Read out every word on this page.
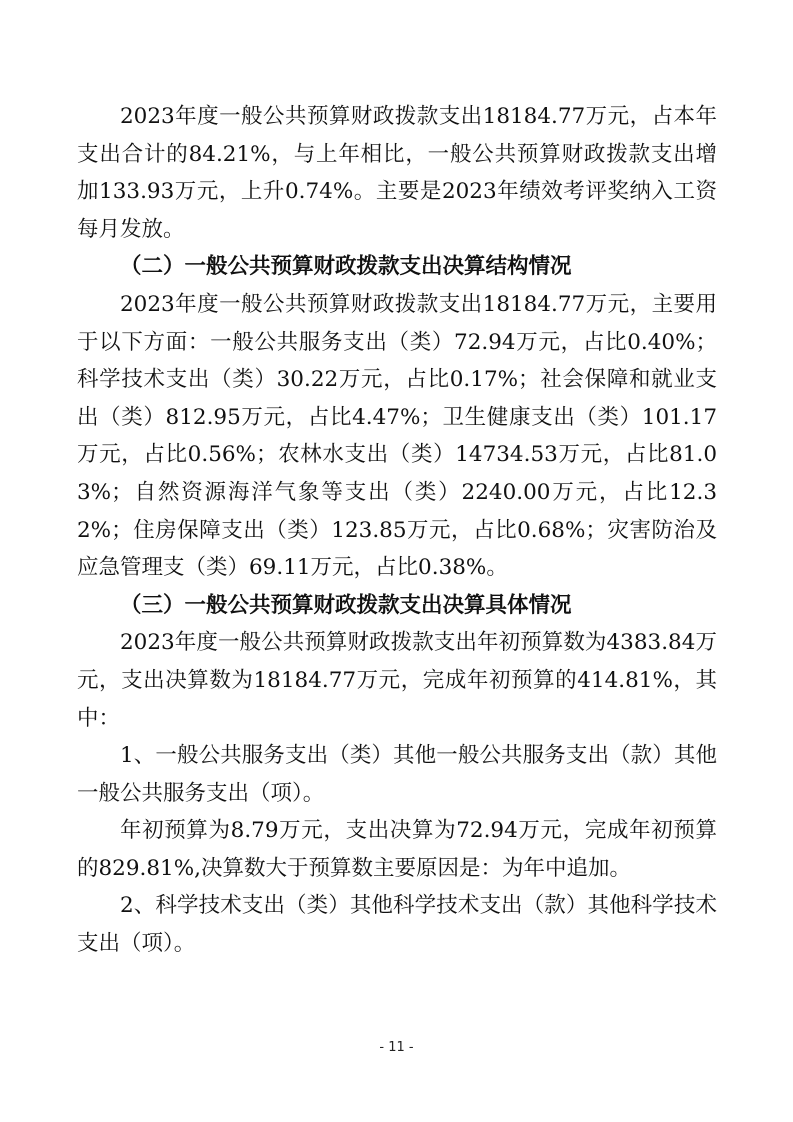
2023年度一般公共预算财政拨款支出18184.77万元，占本年支出合计的84.21%，与上年相比，一般公共预算财政拨款支出增加133.93万元，上升0.74%。主要是2023年绩效考评奖纳入工资每月发放。

（二）一般公共预算财政拨款支出决算结构情况

2023年度一般公共预算财政拨款支出18184.77万元，主要用于以下方面：一般公共服务支出（类）72.94万元，占比0.40%；科学技术支出（类）30.22万元，占比0.17%；社会保障和就业支出（类）812.95万元，占比4.47%；卫生健康支出（类）101.17万元，占比0.56%；农林水支出（类）14734.53万元，占比81.03%；自然资源海洋气象等支出（类）2240.00万元，占比12.32%；住房保障支出（类）123.85万元，占比0.68%；灾害防治及应急管理支（类）69.11万元，占比0.38%。

（三）一般公共预算财政拨款支出决算具体情况

2023年度一般公共预算财政拨款支出年初预算数为4383.84万元，支出决算数为18184.77万元，完成年初预算的414.81%，其中：

1、一般公共服务支出（类）其他一般公共服务支出（款）其他一般公共服务支出（项）。

年初预算为8.79万元，支出决算为72.94万元，完成年初预算的829.81%,决算数大于预算数主要原因是：为年中追加。

2、科学技术支出（类）其他科学技术支出（款）其他科学技术支出（项）。

- 11 -
